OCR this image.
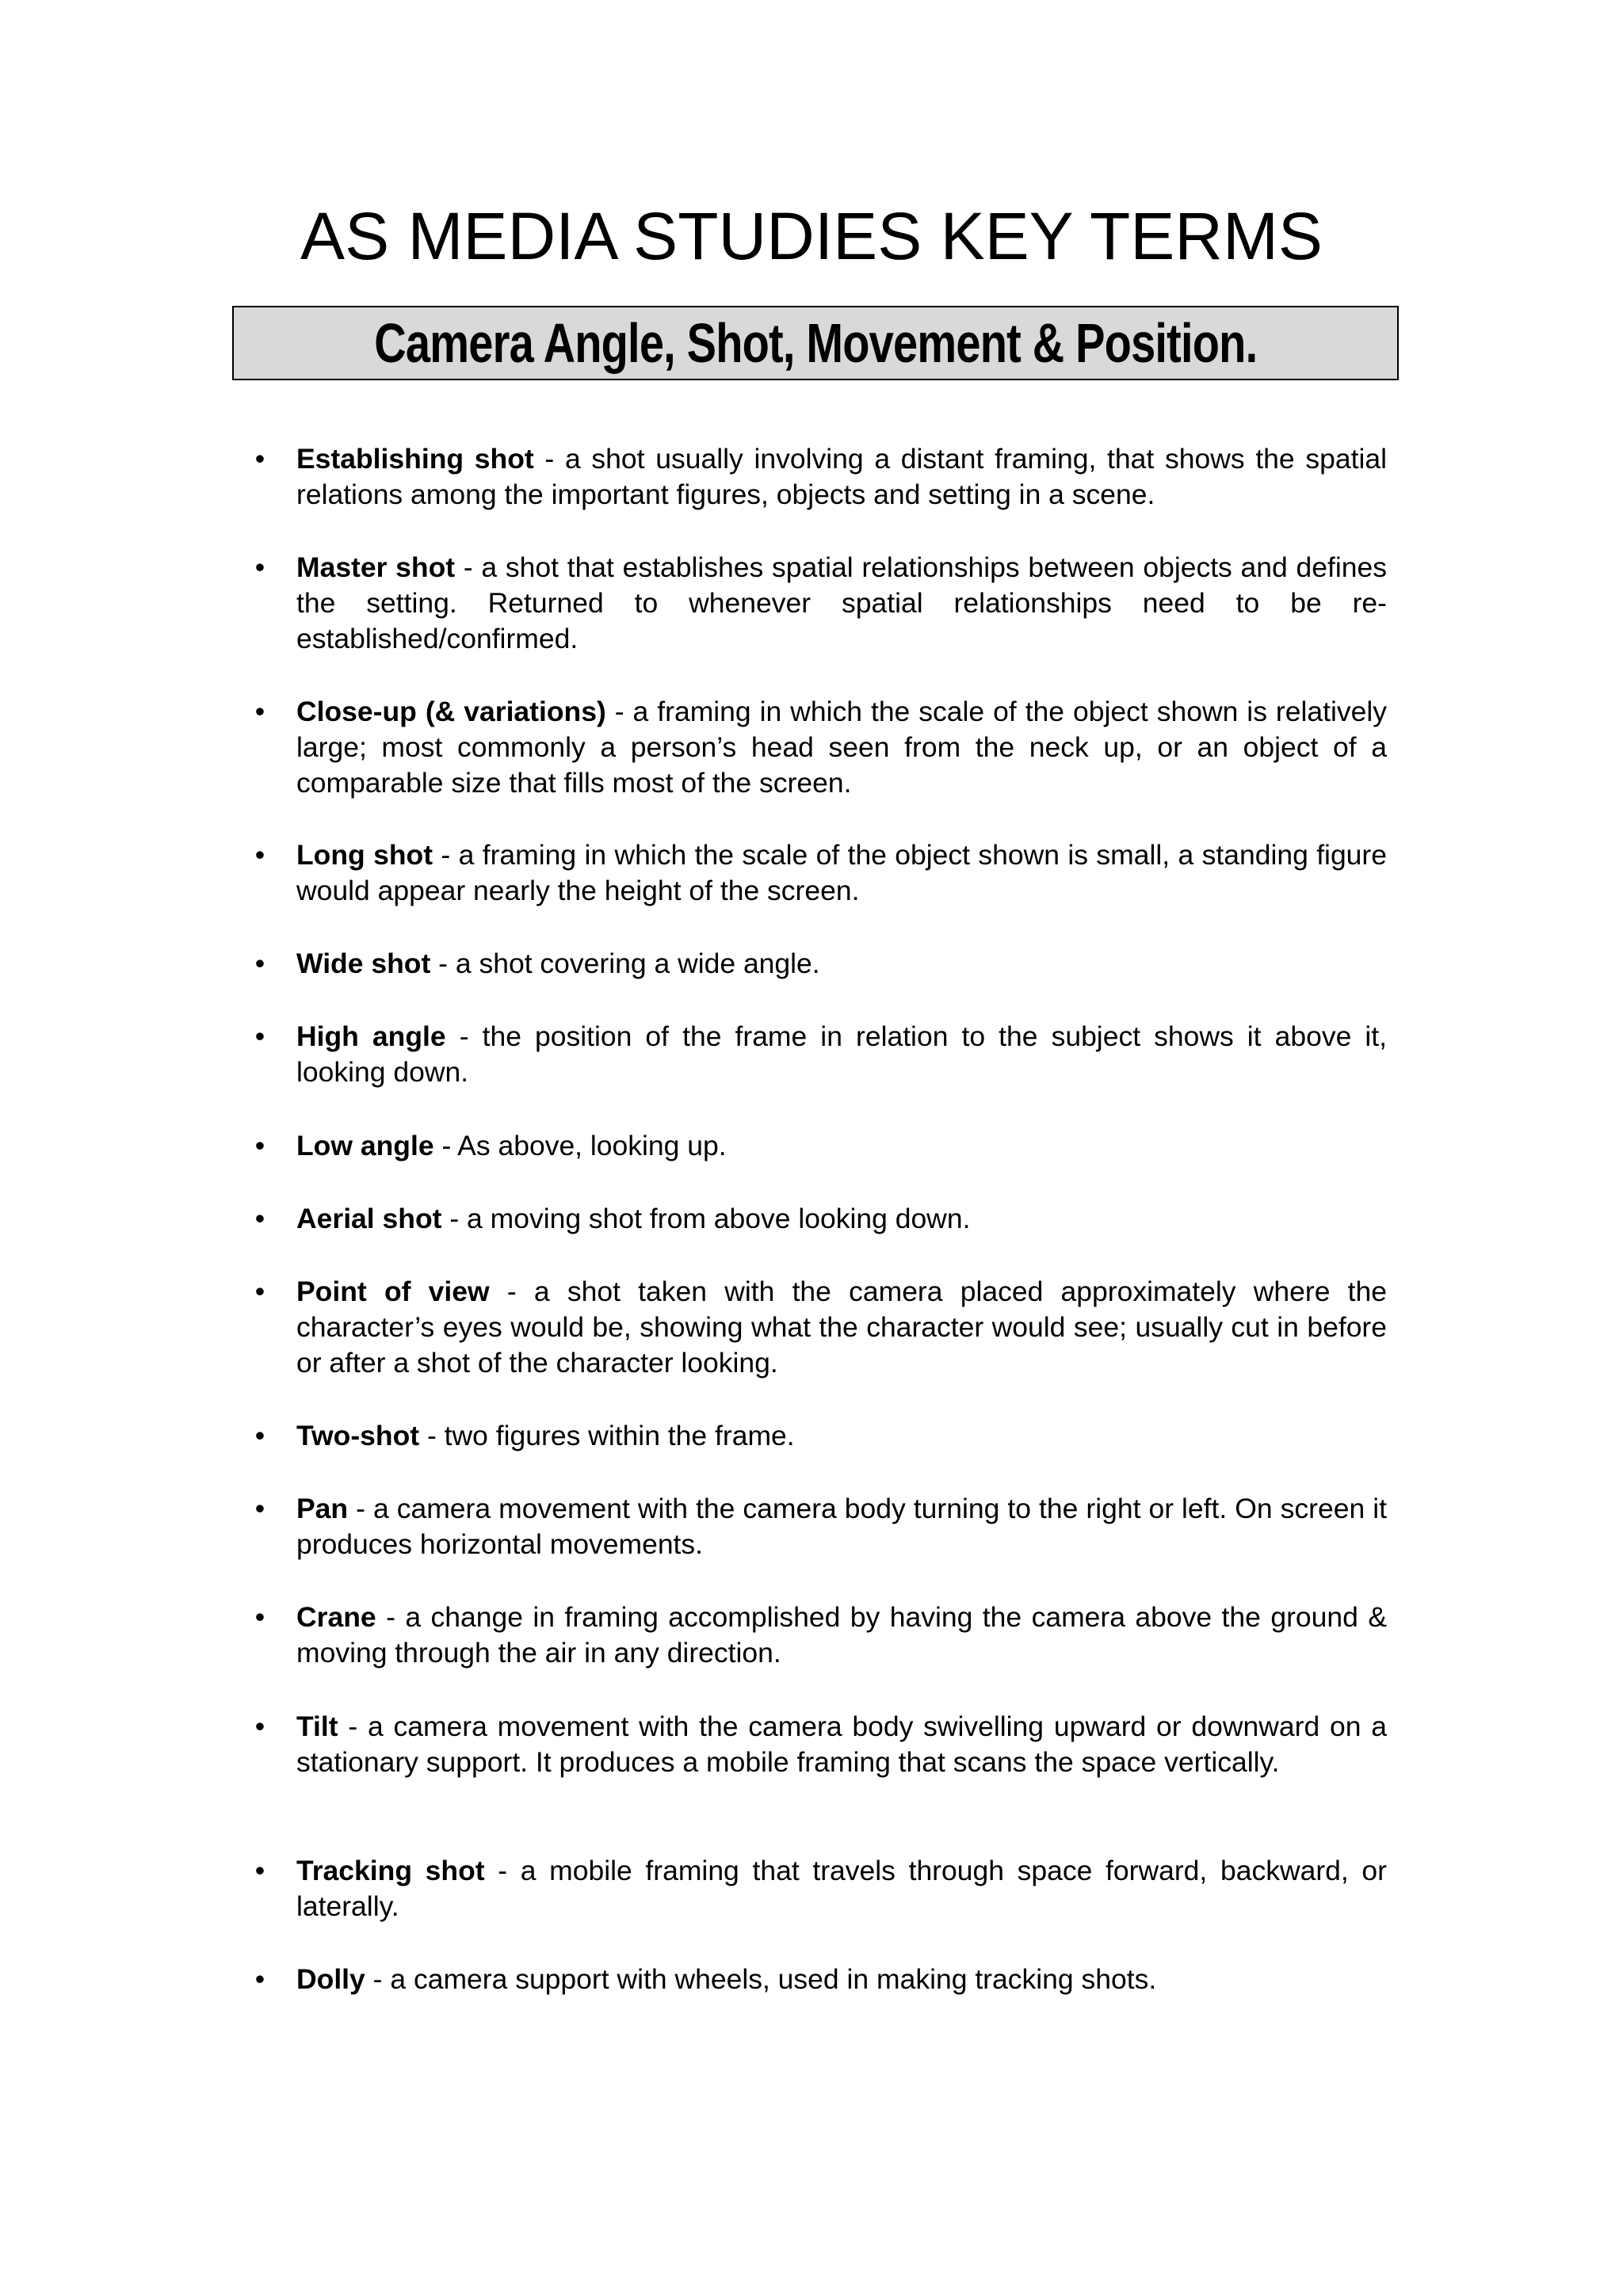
AS MEDIA STUDIES KEY TERMS
Camera Angle, Shot, Movement & Position.
• Establishing shot - a shot usually involving a distant framing, that shows the spatial relations among the important figures, objects and setting in a scene.
• Master shot - a shot that establishes spatial relationships between objects and defines the setting. Returned to whenever spatial relationships need to be re-established/confirmed.
• Close-up (& variations) - a framing in which the scale of the object shown is relatively large; most commonly a person’s head seen from the neck up, or an object of a comparable size that fills most of the screen.
• Long shot - a framing in which the scale of the object shown is small, a standing figure would appear nearly the height of the screen.
• Wide shot - a shot covering a wide angle.
• High angle - the position of the frame in relation to the subject shows it above it, looking down.
• Low angle - As above, looking up.
• Aerial shot - a moving shot from above looking down.
• Point of view - a shot taken with the camera placed approximately where the character’s eyes would be, showing what the character would see; usually cut in before or after a shot of the character looking.
• Two-shot - two figures within the frame.
• Pan - a camera movement with the camera body turning to the right or left. On screen it produces horizontal movements.
• Crane - a change in framing accomplished by having the camera above the ground & moving through the air in any direction.
• Tilt - a camera movement with the camera body swivelling upward or downward on a stationary support. It produces a mobile framing that scans the space vertically.
• Tracking shot - a mobile framing that travels through space forward, backward, or laterally.
• Dolly - a camera support with wheels, used in making tracking shots.
